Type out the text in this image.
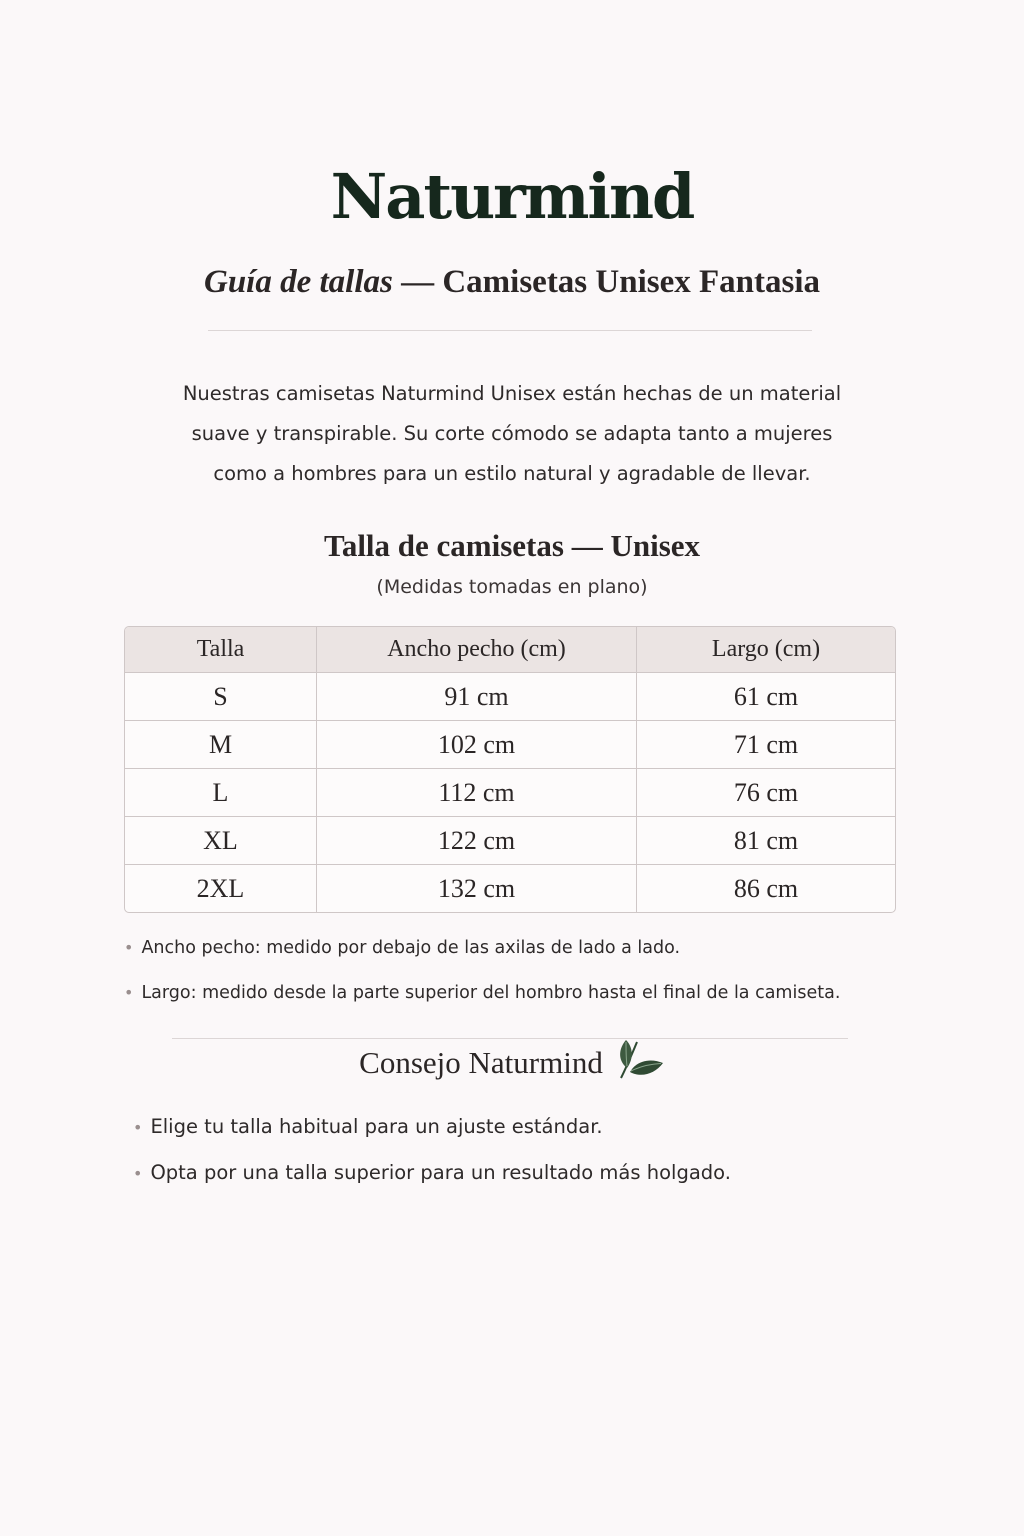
Naturmind
Guía de tallas — Camisetas Unisex Fantasia
Nuestras camisetas Naturmind Unisex están hechas de un material
suave y transpirable. Su corte cómodo se adapta tanto a mujeres
como a hombres para un estilo natural y agradable de llevar.
Talla de camisetas — Unisex
(Medidas tomadas en plano)
Talla	Ancho pecho (cm)	Largo (cm)
S	91 cm	61 cm
M	102 cm	71 cm
L	112 cm	76 cm
XL	122 cm	81 cm
2XL	132 cm	86 cm
• Ancho pecho: medido por debajo de las axilas de lado a lado.
• Largo: medido desde la parte superior del hombro hasta el final de la camiseta.
Consejo Naturmind
• Elige tu talla habitual para un ajuste estándar.
• Opta por una talla superior para un resultado más holgado.
